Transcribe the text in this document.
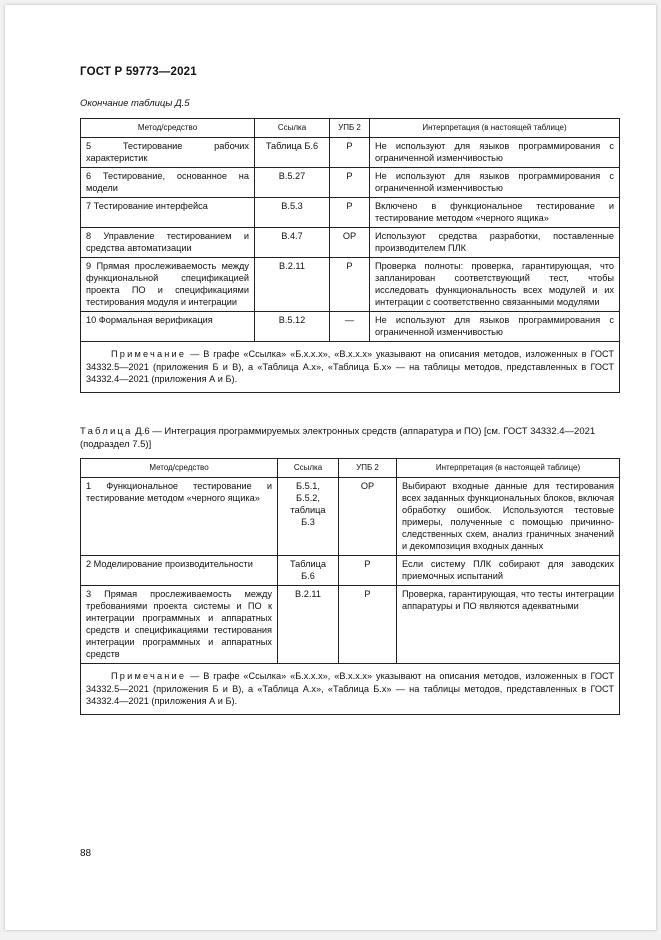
ГОСТ Р 59773—2021
Окончание таблицы Д.5
Метод/средство	Ссылка	УПБ 2	Интерпретация (в настоящей таблице)
5 Тестирование рабочих характеристик	Таблица Б.6	Р	Не используют для языков программирования с ограниченной изменчивостью
6 Тестирование, основанное на модели	B.5.27	Р	Не используют для языков программирования с ограниченной изменчивостью
7 Тестирование интерфейса	B.5.3	Р	Включено в функциональное тестирование и тестирование методом «черного ящика»
8 Управление тестированием и средства автоматизации	B.4.7	ОР	Используют средства разработки, поставленные производителем ПЛК
9 Прямая прослеживаемость между функциональной спецификацией проекта ПО и спецификациями тестирования модуля и интеграции	B.2.11	Р	Проверка полноты: проверка, гарантирующая, что запланирован соответствующий тест, чтобы исследовать функциональность всех модулей и их интеграции с соответственно связанными модулями
10 Формальная верификация	B.5.12	—	Не используют для языков программирования с ограниченной изменчивостью
Примечание — В графе «Ссылка» «Б.х.х.х», «В.х.х.х» указывают на описания методов, изложенных в ГОСТ 34332.5—2021 (приложения Б и В), а «Таблица А.х», «Таблица Б.х» — на таблицы методов, представленных в ГОСТ 34332.4—2021 (приложения А и Б).			
Таблица Д.6 — Интеграция программируемых электронных средств (аппаратура и ПО) [см. ГОСТ 34332.4—2021 (подраздел 7.5)]
Метод/средство	Ссылка	УПБ 2	Интерпретация (в настоящей таблице)
1 Функциональное тестирование и тестирование методом «черного ящика»	Б.5.1, Б.5.2, таблица Б.3	ОР	Выбирают входные данные для тестирования всех заданных функциональных блоков, включая обработку ошибок. Используются тестовые примеры, полученные с помощью причинно-следственных схем, анализ граничных значений и декомпозиция входных данных
2 Моделирование производительности	Таблица Б.6	Р	Если систему ПЛК собирают для заводских приемочных испытаний
3 Прямая прослеживаемость между требованиями проекта системы и ПО к интеграции программных и аппаратных средств и спецификациями тестирования интеграции программных и аппаратных средств	B.2.11	Р	Проверка, гарантирующая, что тесты интеграции аппаратуры и ПО являются адекватными
Примечание — В графе «Ссылка» «Б.х.х.х», «В.х.х.х» указывают на описания методов, изложенных в ГОСТ 34332.5—2021 (приложения Б и В), а «Таблица А.х», «Таблица Б.х» — на таблицы методов, представленных в ГОСТ 34332.4—2021 (приложения А и Б).			
88
